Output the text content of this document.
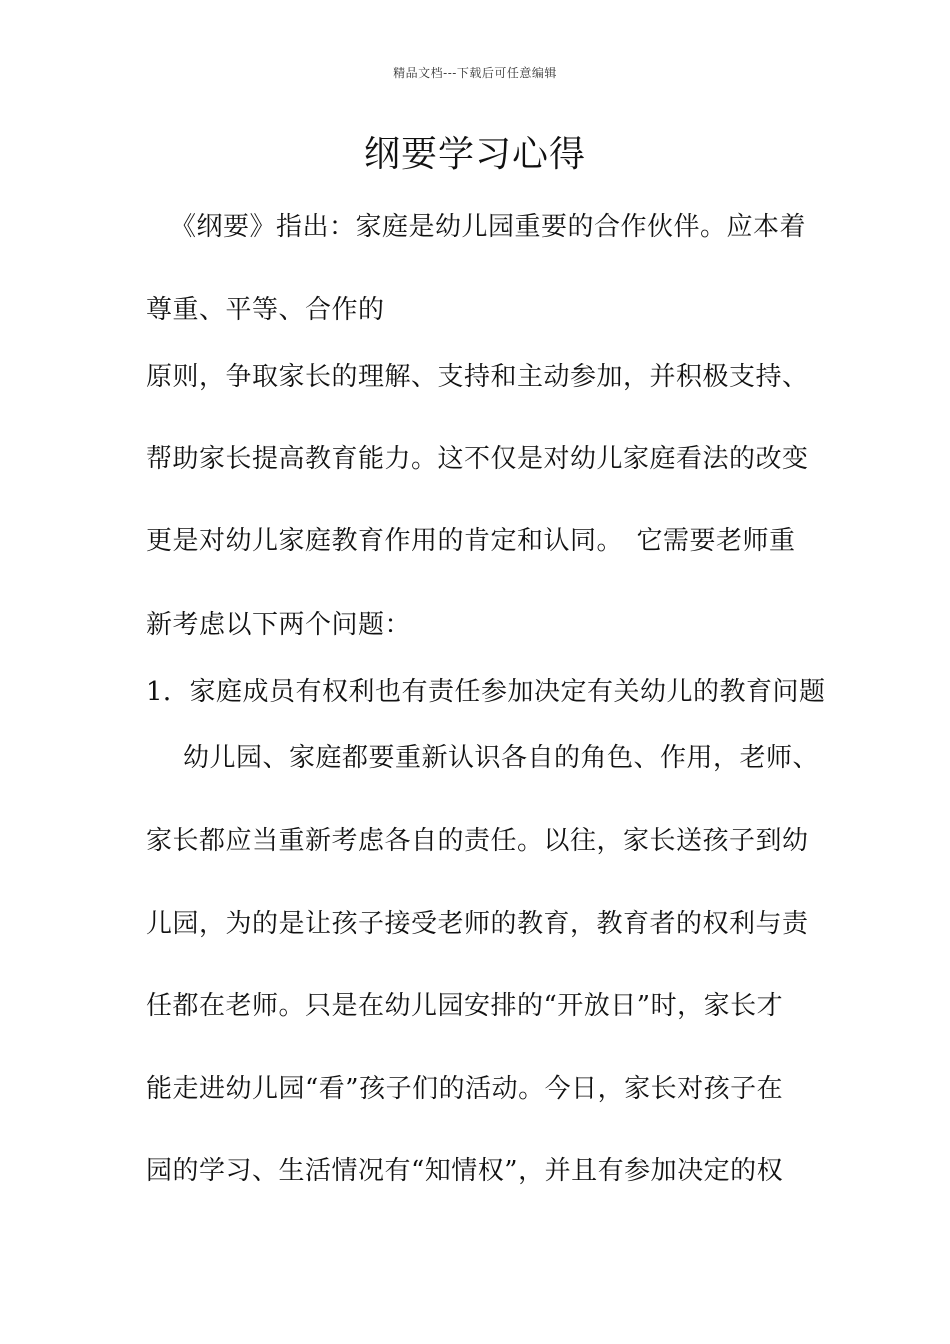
精品文档---下载后可任意编辑
纲要学习心得
《纲要》指出：家庭是幼儿园重要的合作伙伴。应本着
尊重、平等、合作的
原则，争取家长的理解、支持和主动参加，并积极支持、
帮助家长提高教育能力。这不仅是对幼儿家庭看法的改变
更是对幼儿家庭教育作用的肯定和认同。　它需要老师重
新考虑以下两个问题：
1．家庭成员有权利也有责任参加决定有关幼儿的教育问题
幼儿园、家庭都要重新认识各自的角色、作用，老师、
家长都应当重新考虑各自的责任。以往，家长送孩子到幼
儿园，为的是让孩子接受老师的教育，教育者的权利与责
任都在老师。只是在幼儿园安排的“开放日”时，家长才
能走进幼儿园“看”孩子们的活动。今日，家长对孩子在
园的学习、生活情况有“知情权”，并且有参加决定的权
